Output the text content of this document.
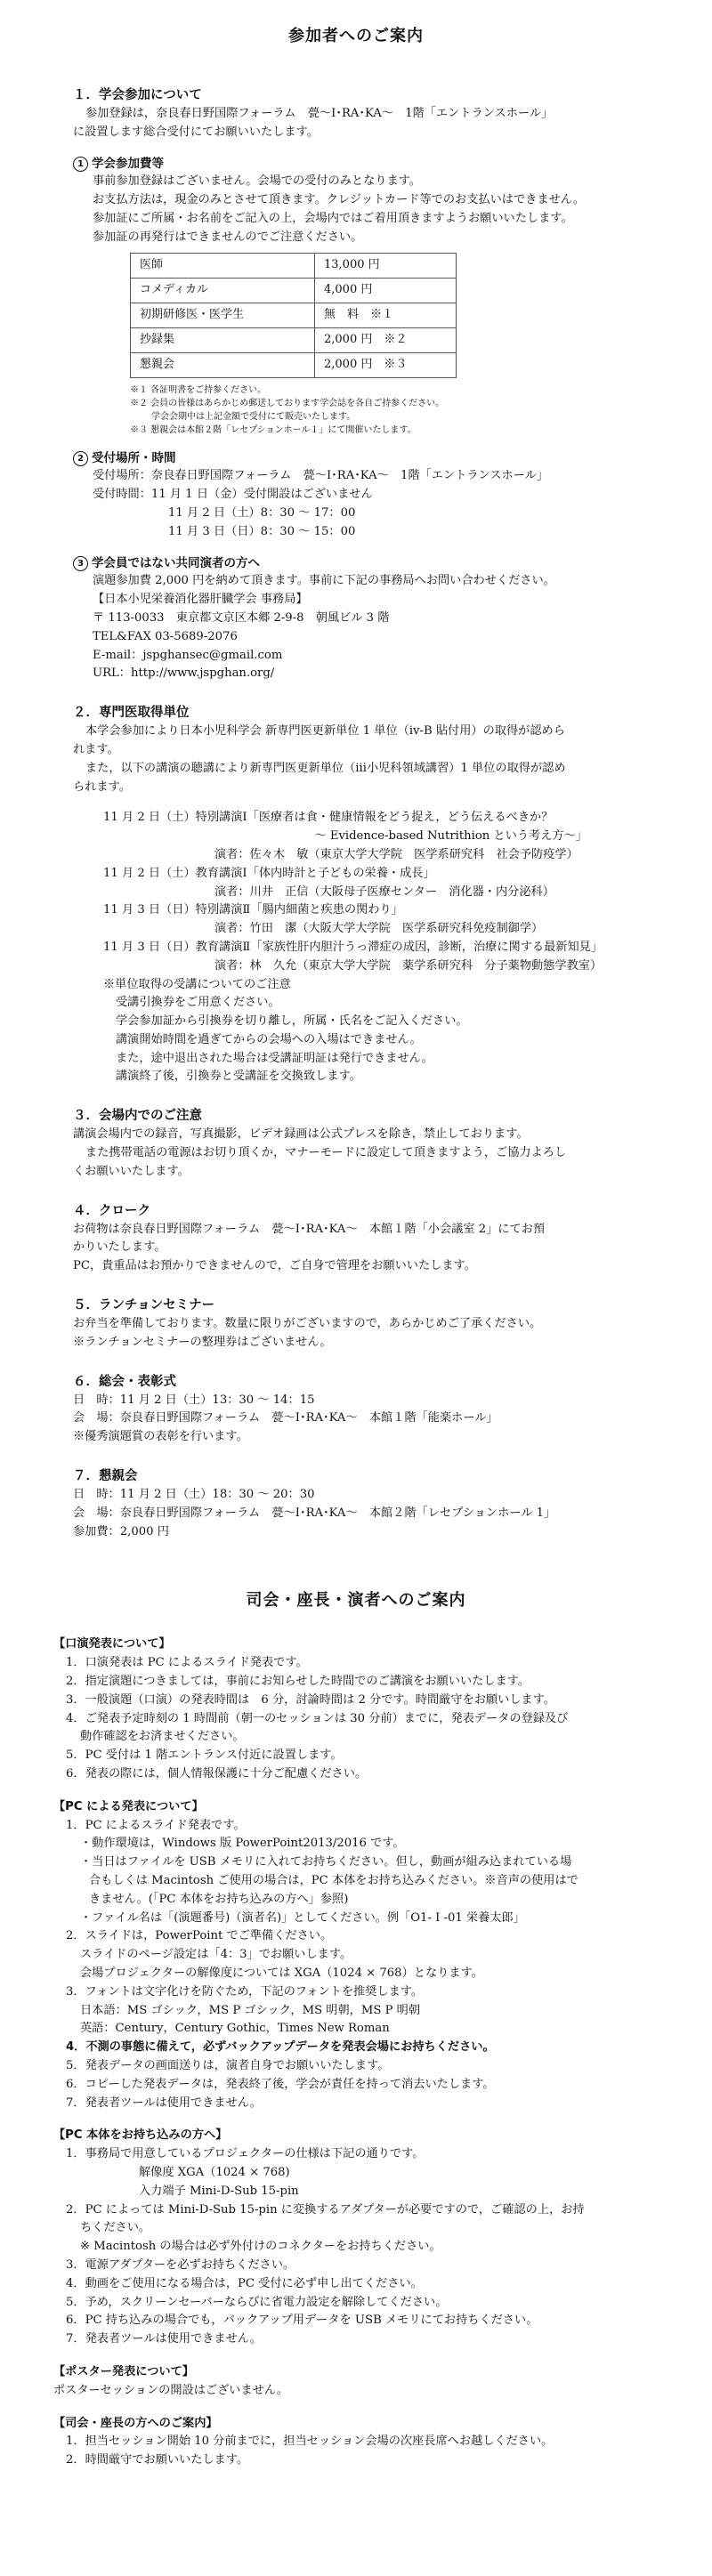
参加者へのご案内
１．学会参加について
参加登録は，奈良春日野国際フォーラム　甍～I･RA･KA～　1階「エントランスホール」
に設置します総合受付にてお願いいたします。
1 学会参加費等
事前参加登録はございません。会場での受付のみとなります。
お支払方法は，現金のみとさせて頂きます。クレジットカード等でのお支払いはできません。
参加証にご所属・お名前をご記入の上，会場内ではご着用頂きますようお願いいたします。
参加証の再発行はできませんのでご注意ください。
医師	13,000 円
コメディカル	4,000 円
初期研修医・医学生	無　料　※１
抄録集	2,000 円　※２
懇親会	2,000 円　※３
※１ 各証明書をご持参ください。
※２ 会員の皆様はあらかじめ郵送しております学会誌を各自ご持参ください。
学会会期中は上記金額で受付にて販売いたします。
※３ 懇親会は本館２階「レセプションホール１」にて開催いたします。
2 受付場所・時間
受付場所：奈良春日野国際フォーラム　甍～I･RA･KA～　1階「エントランスホール」
受付時間：11 月 1 日（金）受付開設はございません
11 月 2 日（土）8：30 ～ 17：00
11 月 3 日（日）8：30 ～ 15：00
3 学会員ではない共同演者の方へ
演題参加費 2,000 円を納めて頂きます。事前に下記の事務局へお問い合わせください。
【日本小児栄養消化器肝臓学会 事務局】
〒 113-0033　東京都文京区本郷 2-9-8　朝風ビル 3 階
TEL&FAX 03-5689-2076
E-mail：jspghansec@gmail.com
URL：http://www.jspghan.org/
２．専門医取得単位
本学会参加により日本小児科学会 新専門医更新単位 1 単位（iv-B 貼付用）の取得が認めら
れます。
また，以下の講演の聴講により新専門医更新単位（iii小児科領域講習）1 単位の取得が認め
られます。
11 月 2 日（土）特別講演Ⅰ「医療者は食・健康情報をどう捉え，どう伝えるべきか？
～ Evidence-based Nutrithion という考え方～」
演者：佐々木　敏（東京大学大学院　医学系研究科　社会予防疫学）
11 月 2 日（土）教育講演Ⅰ「体内時計と子どもの栄養・成長」
演者：川井　正信（大阪母子医療センター　消化器・内分泌科）
11 月 3 日（日）特別講演Ⅱ「腸内細菌と疾患の関わり」
演者：竹田　潔（大阪大学大学院　医学系研究科免疫制御学）
11 月 3 日（日）教育講演Ⅱ「家族性肝内胆汁うっ滞症の成因，診断，治療に関する最新知見」
演者：林　久允（東京大学大学院　薬学系研究科　分子薬物動態学教室）
※単位取得の受講についてのご注意
受講引換券をご用意ください。
学会参加証から引換券を切り離し，所属・氏名をご記入ください。
講演開始時間を過ぎてからの会場への入場はできません。
また，途中退出された場合は受講証明証は発行できません。
講演終了後，引換券と受講証を交換致します。
３．会場内でのご注意
講演会場内での録音，写真撮影，ビデオ録画は公式プレスを除き，禁止しております。
また携帯電話の電源はお切り頂くか，マナーモードに設定して頂きますよう，ご協力よろし
くお願いいたします。
４．クローク
お荷物は奈良春日野国際フォーラム　甍～I･RA･KA～　本館１階「小会議室 2」にてお預
かりいたします。
PC，貴重品はお預かりできませんので，ご自身で管理をお願いいたします。
５．ランチョンセミナー
お弁当を準備しております。数量に限りがございますので，あらかじめご了承ください。
※ランチョンセミナーの整理券はございません。
６．総会・表彰式
日　時：11 月 2 日（土）13：30 ～ 14：15
会　場：奈良春日野国際フォーラム　甍～I･RA･KA～　本館１階「能楽ホール」
※優秀演題賞の表彰を行います。
７．懇親会
日　時：11 月 2 日（土）18：30 ～ 20：30
会　場：奈良春日野国際フォーラム　甍～I･RA･KA～　本館２階「レセプションホール 1」
参加費：2,000 円
司会・座長・演者へのご案内
【口演発表について】
1．口演発表は PC によるスライド発表です。
2．指定演題につきましては，事前にお知らせした時間でのご講演をお願いいたします。
3．一般演題（口演）の発表時間は　6 分，討論時間は 2 分です。時間厳守をお願いします。
4．ご発表予定時刻の 1 時間前（朝一のセッションは 30 分前）までに，発表データの登録及び
動作確認をお済ませください。
5．PC 受付は 1 階エントランス付近に設置します。
6．発表の際には，個人情報保護に十分ご配慮ください。
【PC による発表について】
1．PC によるスライド発表です。
・動作環境は，Windows 版 PowerPoint2013/2016 です。
・当日はファイルを USB メモリに入れてお持ちください。但し，動画が組み込まれている場
合もしくは Macintosh ご使用の場合は，PC 本体をお持ち込みください。※音声の使用はで
きません。(「PC 本体をお持ち込みの方へ」参照)
・ファイル名は「(演題番号)（演者名)」としてください。例「O1- I -01 栄養太郎」
2．スライドは，PowerPoint でご準備ください。
スライドのページ設定は「4：3」でお願いします。
会場プロジェクターの解像度については XGA（1024 × 768）となります。
3．フォントは文字化けを防ぐため，下記のフォントを推奨します。
日本語：MS ゴシック，MS P ゴシック，MS 明朝，MS P 明朝
英語：Century，Century Gothic，Times New Roman
4．不測の事態に備えて，必ずバックアップデータを発表会場にお持ちください。
5．発表データの画面送りは，演者自身でお願いいたします。
6．コピーした発表データは，発表終了後，学会が責任を持って消去いたします。
7．発表者ツールは使用できません。
【PC 本体をお持ち込みの方へ】
1．事務局で用意しているプロジェクターの仕様は下記の通りです。
解像度 XGA（1024 × 768)
入力端子 Mini-D-Sub 15-pin
2．PC によっては Mini-D-Sub 15-pin に変換するアダプターが必要ですので，ご確認の上，お持
ちください。
※ Macintosh の場合は必ず外付けのコネクターをお持ちください。
3．電源アダプターを必ずお持ちください。
4．動画をご使用になる場合は，PC 受付に必ず申し出てください。
5．予め，スクリーンセーバーならびに省電力設定を解除してください。
6．PC 持ち込みの場合でも，バックアップ用データを USB メモリにてお持ちください。
7．発表者ツールは使用できません。
【ポスター発表について】
ポスターセッションの開設はございません。
【司会・座長の方へのご案内】
1．担当セッション開始 10 分前までに，担当セッション会場の次座長席へお越しください。
2．時間厳守でお願いいたします。
